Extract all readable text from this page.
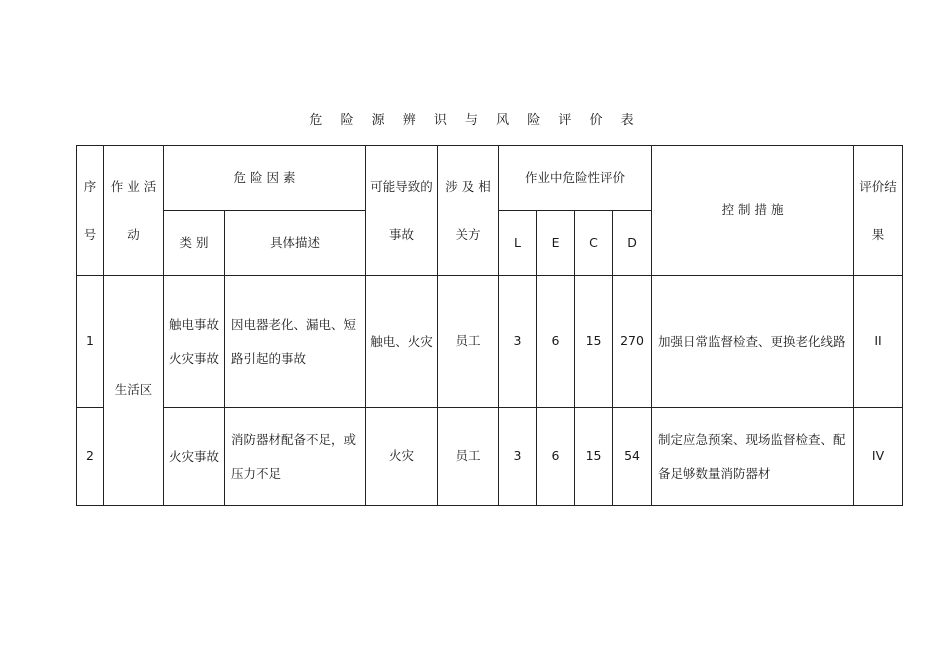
危 险 源 辨 识 与 风 险 评 价 表
序号	作 业 活 动	危 险 因 素		可能导致的事故	涉 及 相关方	作业中危险性评价				控 制 措 施	评价结果
		类 别	具体描述			L	E	C	D		
1	生活区	触电事故火灾事故	因电器老化、漏电、短路引起的事故	触电、火灾	员工	3	6	15	270	加强日常监督检查、更换老化线路	II
2		火灾事故	消防器材配备不足，或压力不足	火灾	员工	3	6	15	54	制定应急预案、现场监督检查、配备足够数量消防器材	IV
